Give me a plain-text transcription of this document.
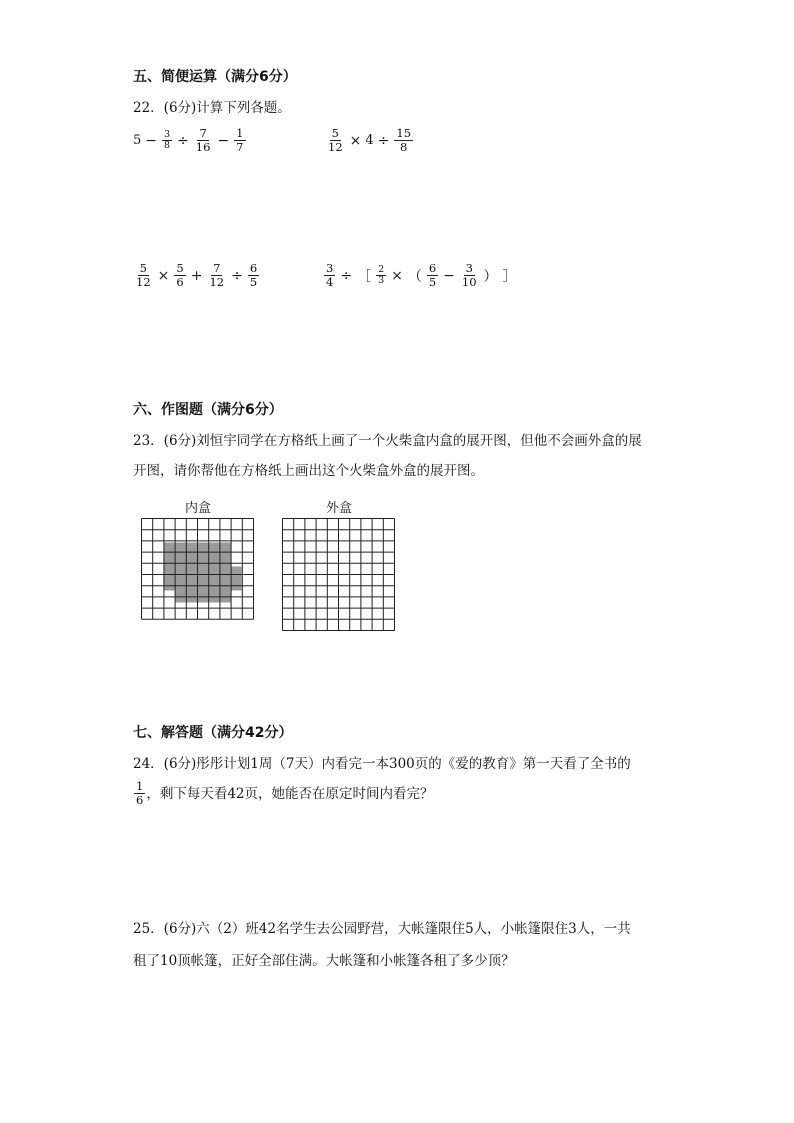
五、简便运算（满分6分）
22．(6分)计算下列各题。
$5 - \frac{3}{8} \div \frac{7}{16} - \frac{1}{7}$	$\frac{5}{12} \times 4 \div \frac{15}{8}$
$\frac{5}{12} \times \frac{5}{6} + \frac{7}{12} \div \frac{6}{5}$	$\frac{3}{4}$ ÷ ［ $\frac{2}{3}$ × （ $\frac{6}{5} - \frac{3}{10}$ ） ］
六、作图题（满分6分）
23．(6分)刘恒宇同学在方格纸上画了一个火柴盒内盒的展开图，但他不会画外盒的展
开图，请你帮他在方格纸上画出这个火柴盒外盒的展开图。
内盒	外盒
七、解答题（满分42分）
24．(6分)彤彤计划1周（7天）内看完一本300页的《爱的教育》第一天看了全书的
$\frac{1}{6}$ ，剩下每天看42页，她能否在原定时间内看完？
25．(6分)六（2）班42名学生去公园野营，大帐篷限住5人，小帐篷限住3人，一共
租了10顶帐篷，正好全部住满。大帐篷和小帐篷各租了多少顶？
